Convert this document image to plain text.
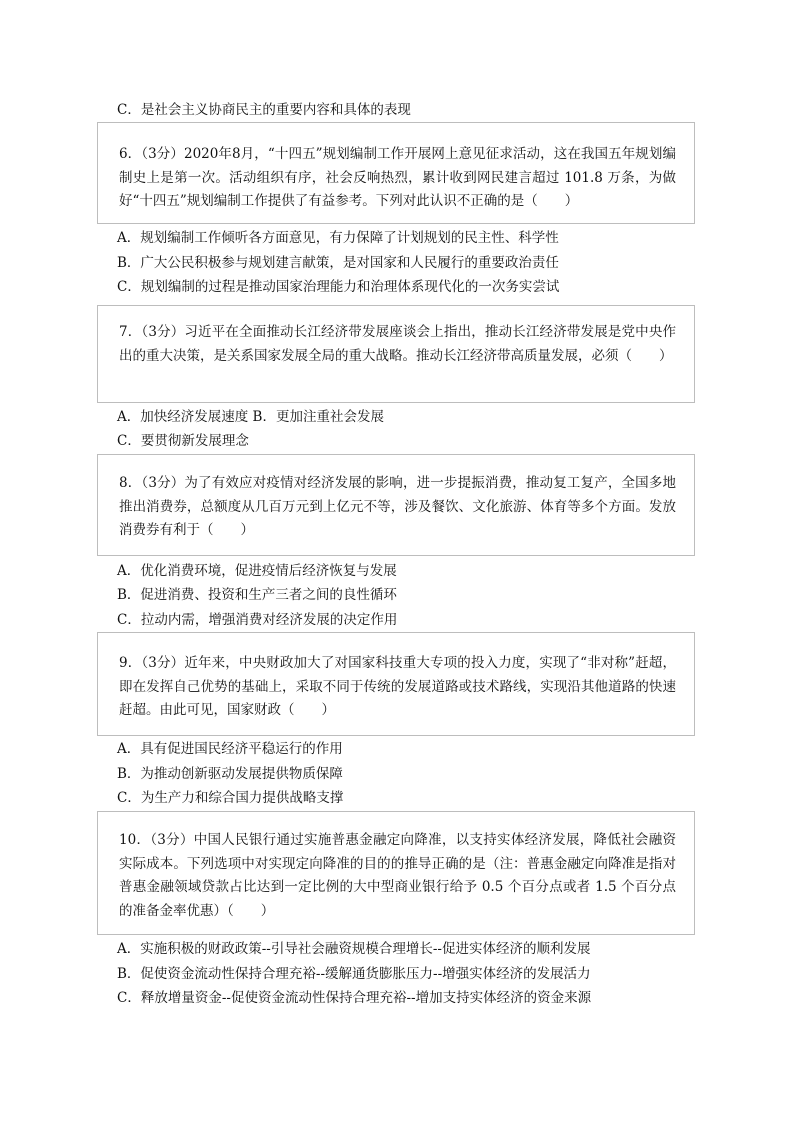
C．是社会主义协商民主的重要内容和具体的表现
6．（3分）2020年8月，“十四五”规划编制工作开展网上意见征求活动，这在我国五年规划编制史上是第一次。活动组织有序，社会反响热烈，累计收到网民建言超过 101.8 万条，为做好“十四五”规划编制工作提供了有益参考。下列对此认识不正确的是（　　）
A．规划编制工作倾听各方面意见，有力保障了计划规划的民主性、科学性
B．广大公民积极参与规划建言献策，是对国家和人民履行的重要政治责任
C．规划编制的过程是推动国家治理能力和治理体系现代化的一次务实尝试
7．（3分）习近平在全面推动长江经济带发展座谈会上指出，推动长江经济带发展是党中央作出的重大决策，是关系国家发展全局的重大战略。推动长江经济带高质量发展，必须（　　）
A．加快经济发展速度 B．更加注重社会发展
C．要贯彻新发展理念
8．（3分）为了有效应对疫情对经济发展的影响，进一步提振消费，推动复工复产，全国多地推出消费券，总额度从几百万元到上亿元不等，涉及餐饮、文化旅游、体育等多个方面。发放消费券有利于（　　）
A．优化消费环境，促进疫情后经济恢复与发展
B．促进消费、投资和生产三者之间的良性循环
C．拉动内需，增强消费对经济发展的决定作用
9．（3分）近年来，中央财政加大了对国家科技重大专项的投入力度，实现了“非对称”赶超，即在发挥自己优势的基础上，采取不同于传统的发展道路或技术路线，实现沿其他道路的快速赶超。由此可见，国家财政（　　）
A．具有促进国民经济平稳运行的作用
B．为推动创新驱动发展提供物质保障
C．为生产力和综合国力提供战略支撑
10．（3分）中国人民银行通过实施普惠金融定向降准，以支持实体经济发展，降低社会融资实际成本。下列选项中对实现定向降准的目的的推导正确的是（注：普惠金融定向降准是指对普惠金融领域贷款占比达到一定比例的大中型商业银行给予 0.5 个百分点或者 1.5 个百分点的准备金率优惠）（　　）
A．实施积极的财政政策--引导社会融资规模合理增长--促进实体经济的顺利发展
B．促使资金流动性保持合理充裕--缓解通货膨胀压力--增强实体经济的发展活力
C．释放增量资金--促使资金流动性保持合理充裕--增加支持实体经济的资金来源
